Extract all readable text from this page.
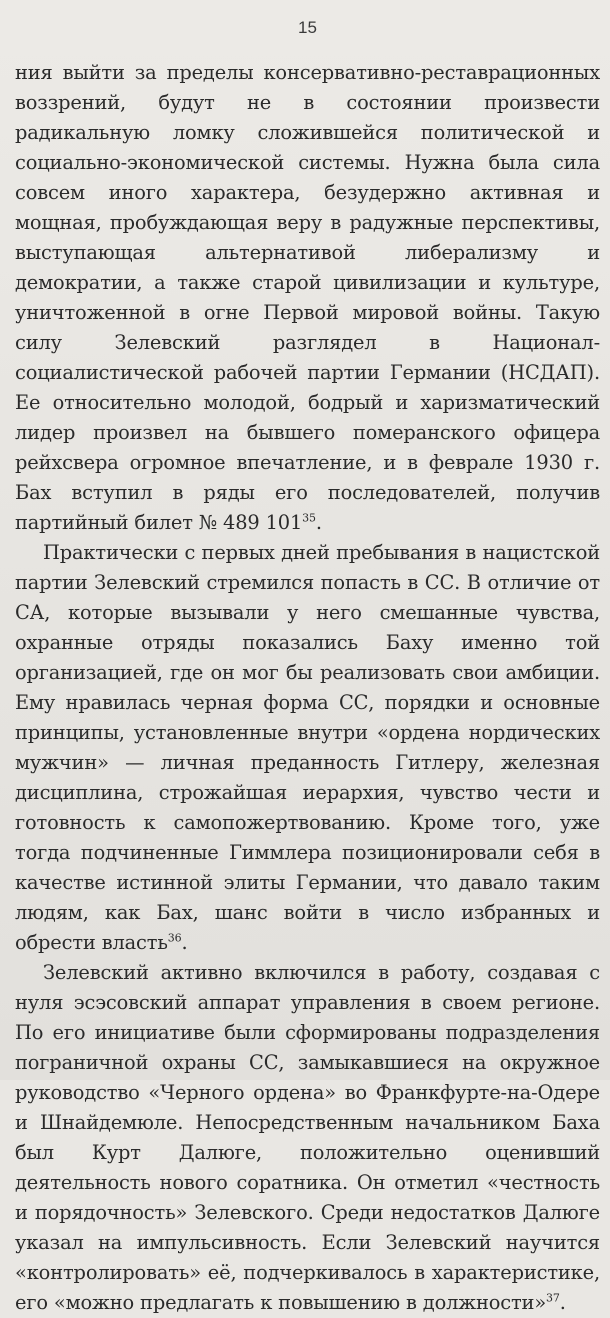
15

ния выйти за пределы консервативно-реставрационных воззрений, будут не в состоянии произвести радикальную ломку сложившейся политической и социально-экономической системы. Нужна была сила совсем иного характера, безудержно активная и мощная, пробуждающая веру в радужные перспективы, выступающая альтернативой либерализму и демократии, а также старой цивилизации и культуре, уничтоженной в огне Первой мировой войны. Такую силу Зелевский разглядел в Национал-социалистической рабочей партии Германии (НСДАП). Ее относительно молодой, бодрый и харизматический лидер произвел на бывшего померанского офицера рейхсвера огромное впечатление, и в феврале 1930 г. Бах вступил в ряды его последователей, получив партийный билет № 489 $101^{35}$.

Практически с первых дней пребывания в нацистской партии Зелевский стремился попасть в СС. В отличие от СА, которые вызывали у него смешанные чувства, охранные отряды показались Баху именно той организацией, где он мог бы реализовать свои амбиции. Ему нравилась черная форма СС, порядки и основные принципы, установленные внутри «ордена нордических мужчин» — личная преданность Гитлеру, железная дисциплина, строжайшая иерархия, чувство чести и готовность к самопожертвованию. Кроме того, уже тогда подчиненные Гиммлера позиционировали себя в качестве истинной элиты Германии, что давало таким людям, как Бах, шанс войти в число избранных и обрести власть$^{36}$.

Зелевский активно включился в работу, создавая с нуля эсэсовский аппарат управления в своем регионе. По его инициативе были сформированы подразделения пограничной охраны СС, замыкавшиеся на окружное руководство «Черного ордена» во Франкфурте-на-Одере и Шнайдемюле. Непосредственным начальником Баха был Курт Далюге, положительно оценивший деятельность нового соратника. Он отметил «честность и порядочность» Зелевского. Среди недостатков Далюге указал на импульсивность. Если Зелевский научится «контролировать» её, подчеркивалось в характеристике, его «можно предлагать к повышению в должности»$^{37}$.
